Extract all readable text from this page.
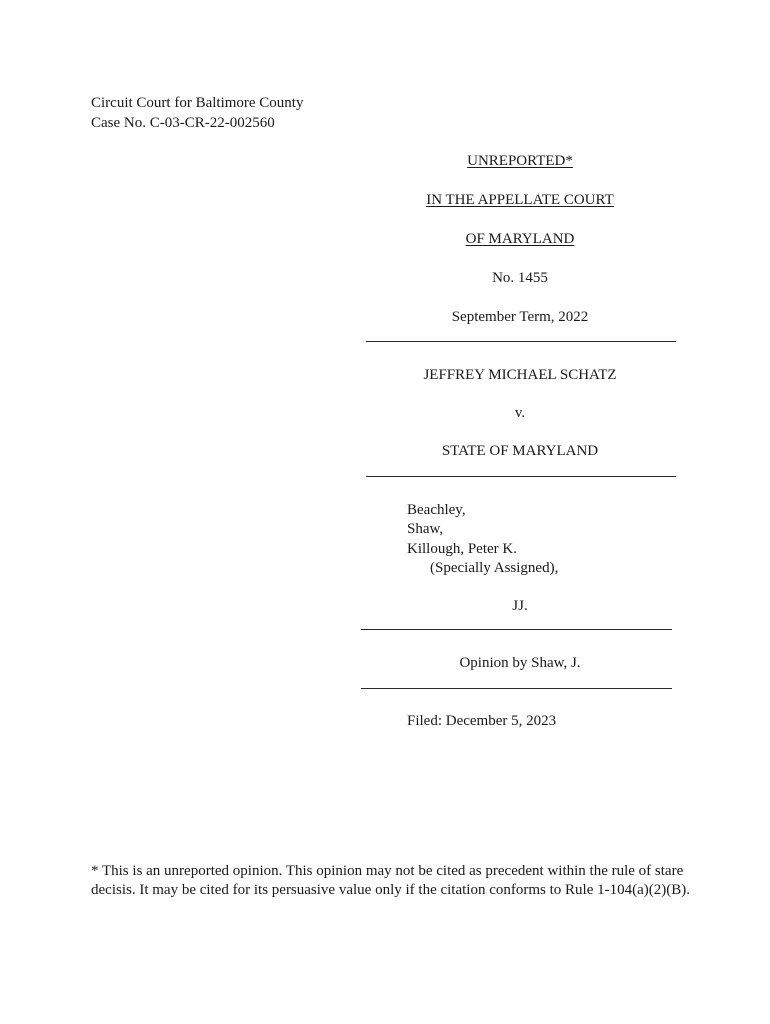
Circuit Court for Baltimore County
Case No. C-03-CR-22-002560
UNREPORTED*
IN THE APPELLATE COURT
OF MARYLAND
No. 1455
September Term, 2022
JEFFREY MICHAEL SCHATZ
v.
STATE OF MARYLAND
Beachley,
Shaw,
Killough, Peter K.
(Specially Assigned),
JJ.
Opinion by Shaw, J.
Filed: December 5, 2023
* This is an unreported opinion. This opinion may not be cited as precedent within the rule of stare decisis. It may be cited for its persuasive value only if the citation conforms to Rule 1-104(a)(2)(B).
